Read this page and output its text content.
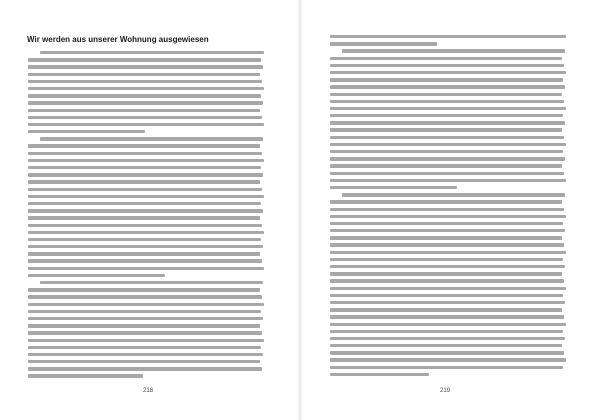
Wir werden aus unserer Wohnung ausgewiesen
218	219
